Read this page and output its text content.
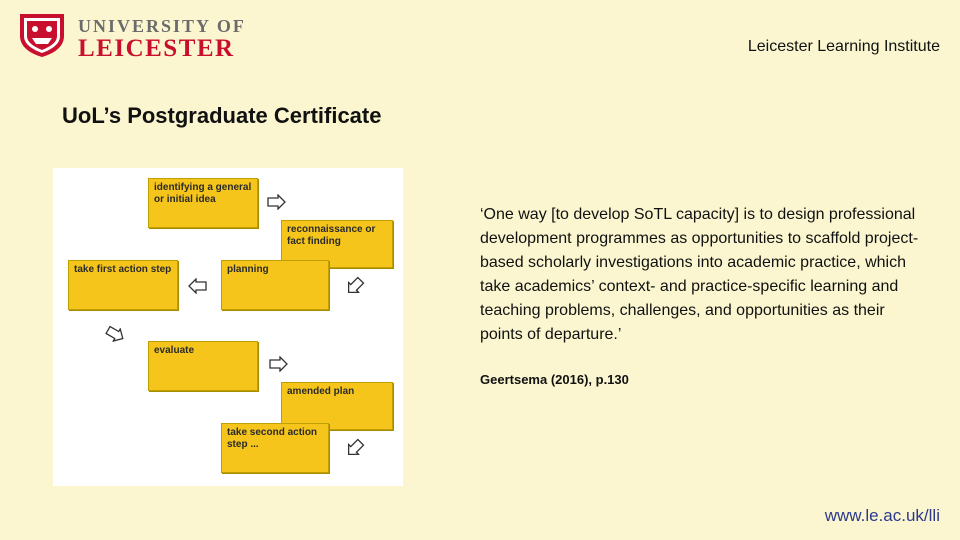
UNIVERSITY OF
LEICESTER	Leicester Learning Institute
UoL’s Postgraduate Certificate
identifying a general or initial idea
reconnaissance or fact finding
take first action step	planning
evaluate
amended plan
take second action step ...
‘One way [to develop SoTL capacity] is to design professional development programmes as opportunities to scaffold project-based scholarly investigations into academic practice, which take academics’ context- and practice-specific learning and teaching problems, challenges, and opportunities as their points of departure.’
Geertsema (2016), p.130
www.le.ac.uk/lli
